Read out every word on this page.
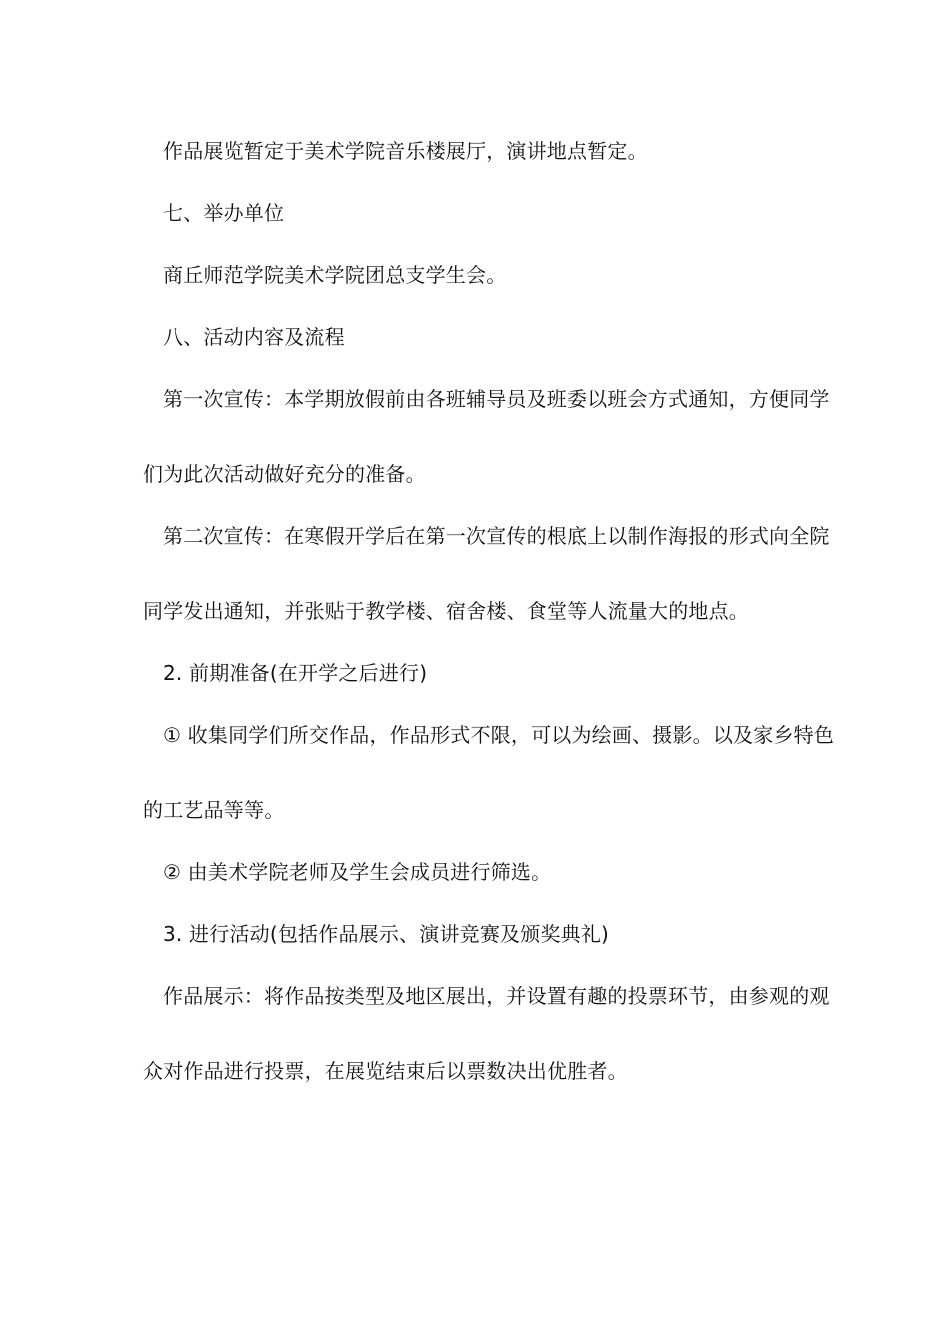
作品展览暂定于美术学院音乐楼展厅，演讲地点暂定。
七、举办单位
商丘师范学院美术学院团总支学生会。
八、活动内容及流程
第一次宣传：本学期放假前由各班辅导员及班委以班会方式通知，方便同学
们为此次活动做好充分的准备。
第二次宣传：在寒假开学后在第一次宣传的根底上以制作海报的形式向全院
同学发出通知，并张贴于教学楼、宿舍楼、食堂等人流量大的地点。
2. 前期准备(在开学之后进行)
① 收集同学们所交作品，作品形式不限，可以为绘画、摄影。以及家乡特色
的工艺品等等。
② 由美术学院老师及学生会成员进行筛选。
3. 进行活动(包括作品展示、演讲竞赛及颁奖典礼)
作品展示：将作品按类型及地区展出，并设置有趣的投票环节，由参观的观
众对作品进行投票，在展览结束后以票数决出优胜者。
